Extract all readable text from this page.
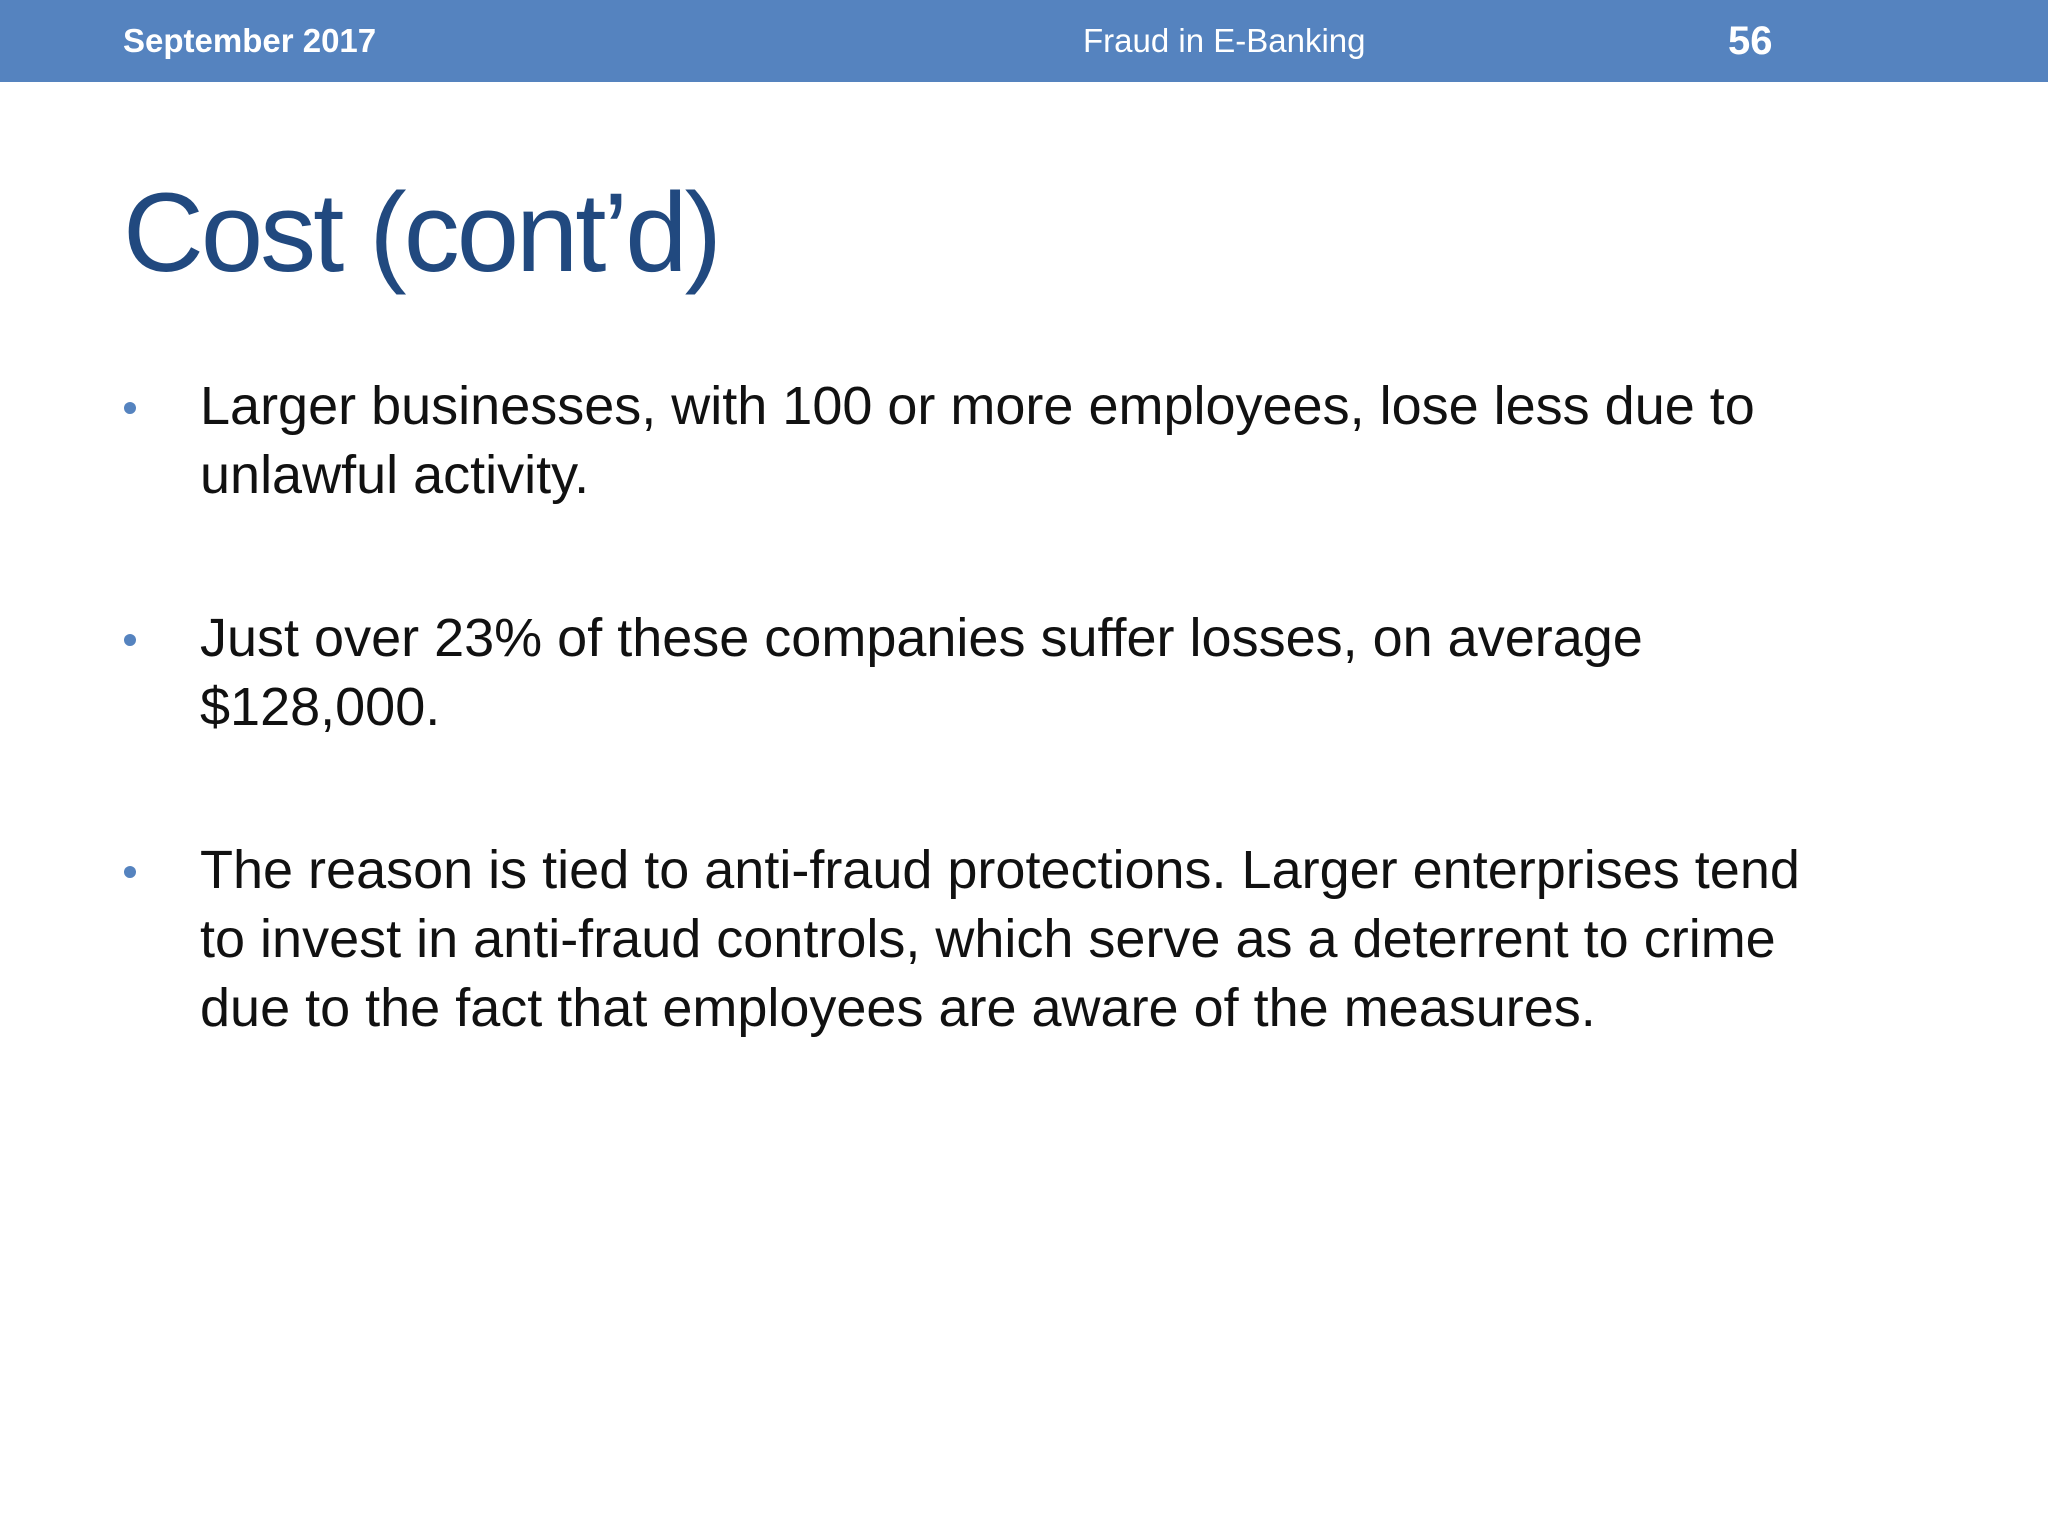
September 2017	Fraud in E-Banking	56
Cost (cont’d)
Larger businesses, with 100 or more employees, lose less due to
unlawful activity.
Just over 23% of these companies suffer losses, on average
$128,000.
The reason is tied to anti-fraud protections. Larger enterprises tend
to invest in anti-fraud controls, which serve as a deterrent to crime
due to the fact that employees are aware of the measures.
